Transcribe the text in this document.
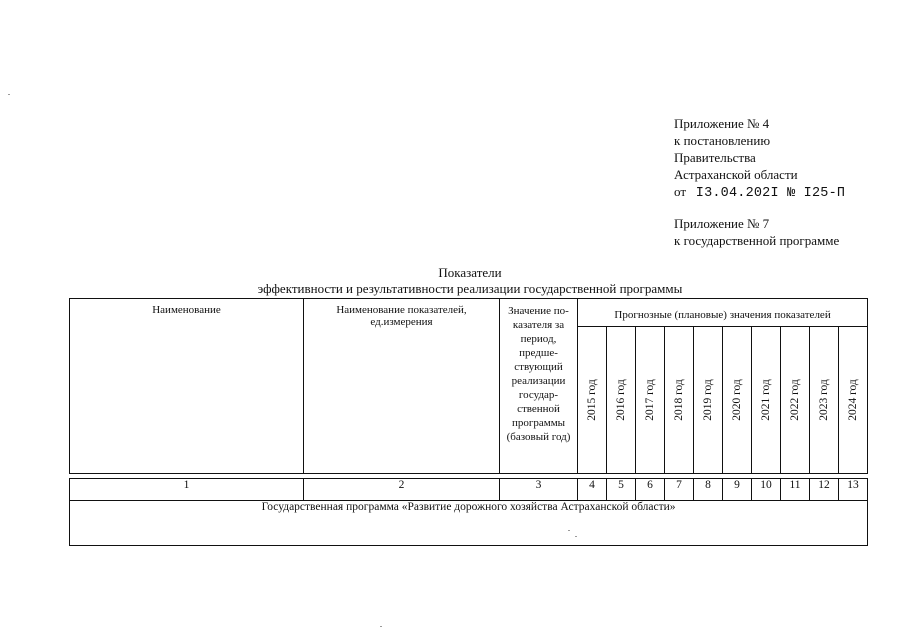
Приложение № 4
к постановлению
Правительства
Астраханской области
от I3.04.202I № I25-П
Приложение № 7
к государственной программе
Показатели
эффективности и результативности реализации государственной программы
Наименование	Наименование показателей, ед.измерения	Значение по-казателя за период, предше-ствующий реализации государ-ственной программы (базовый год)	Прогнозные (плановые) значения показателей									

			2015 год	2016 год	2017 год	2018 год	2019 год	2020 год	2021 год	2022 год	2023 год	2024 год

1	2	3	4	5	6	7	8	9	10	11	12	13
Государственная программа «Развитие дорожного хозяйства Астраханской области»												
